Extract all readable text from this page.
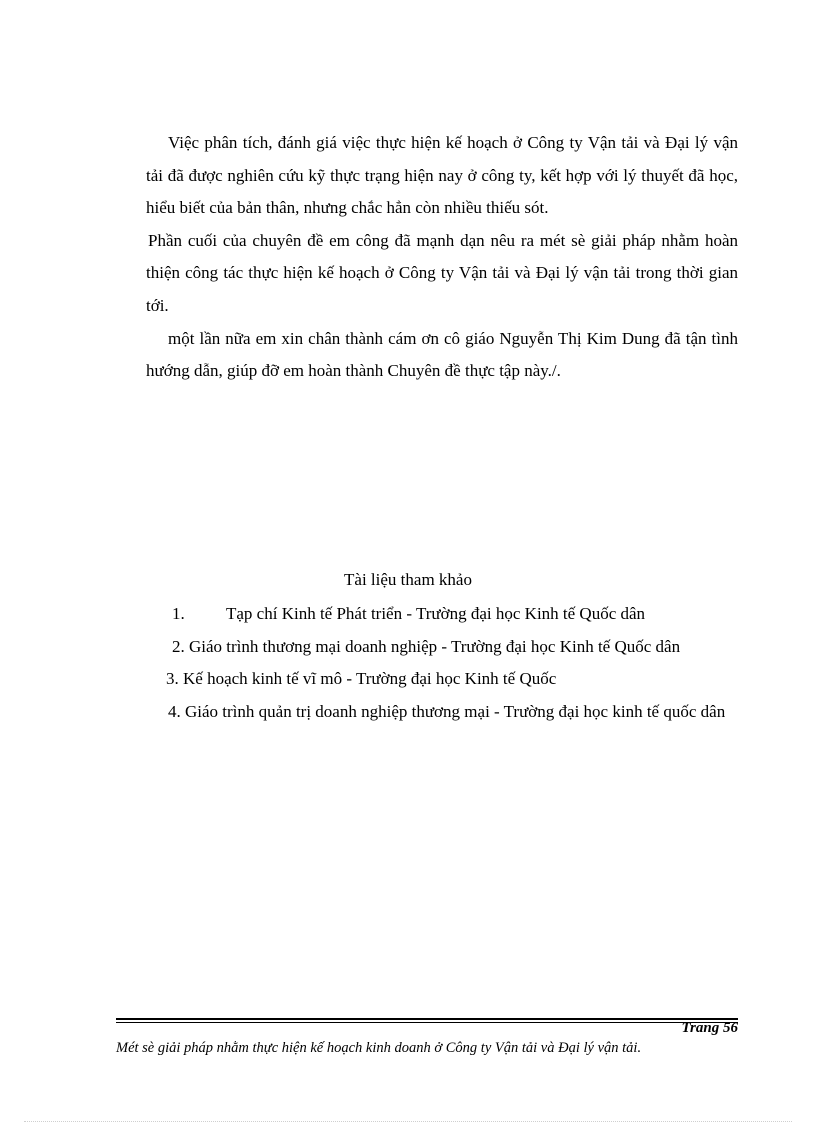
Việc phân tích, đánh giá việc thực hiện kế hoạch ở Công ty Vận tải và Đại lý vận tải đã được nghiên cứu kỹ thực trạng hiện nay ở công ty, kết hợp với lý thuyết đã học, hiểu biết của bản thân, nhưng chắc hẳn còn nhiều thiếu sót.

Phần cuối của chuyên đề em công đã mạnh dạn nêu ra mét sè giải pháp nhằm hoàn thiện công tác thực hiện kế hoạch ở Công ty Vận tải và Đại lý vận tải trong thời gian tới.

một lần nữa em xin chân thành cám ơn cô giáo Nguyễn Thị Kim Dung đã tận tình hướng dẫn, giúp đỡ em hoàn thành Chuyên đề thực tập này./.

Tài liệu tham khảo

1. Tạp chí Kinh tế Phát triển - Trường đại học Kinh tế Quốc dân

2. Giáo trình thương mại doanh nghiệp - Trường đại học Kinh tế Quốc dân

3. Kế hoạch kinh tế vĩ mô - Trường đại học Kinh tế Quốc

4. Giáo trình quản trị doanh nghiệp thương mại - Trường đại học kinh tế quốc dân

Trang 56
Mét sè giải pháp nhằm thực hiện kế hoạch kinh doanh ở Công ty Vận tải và Đại lý vận tải.
